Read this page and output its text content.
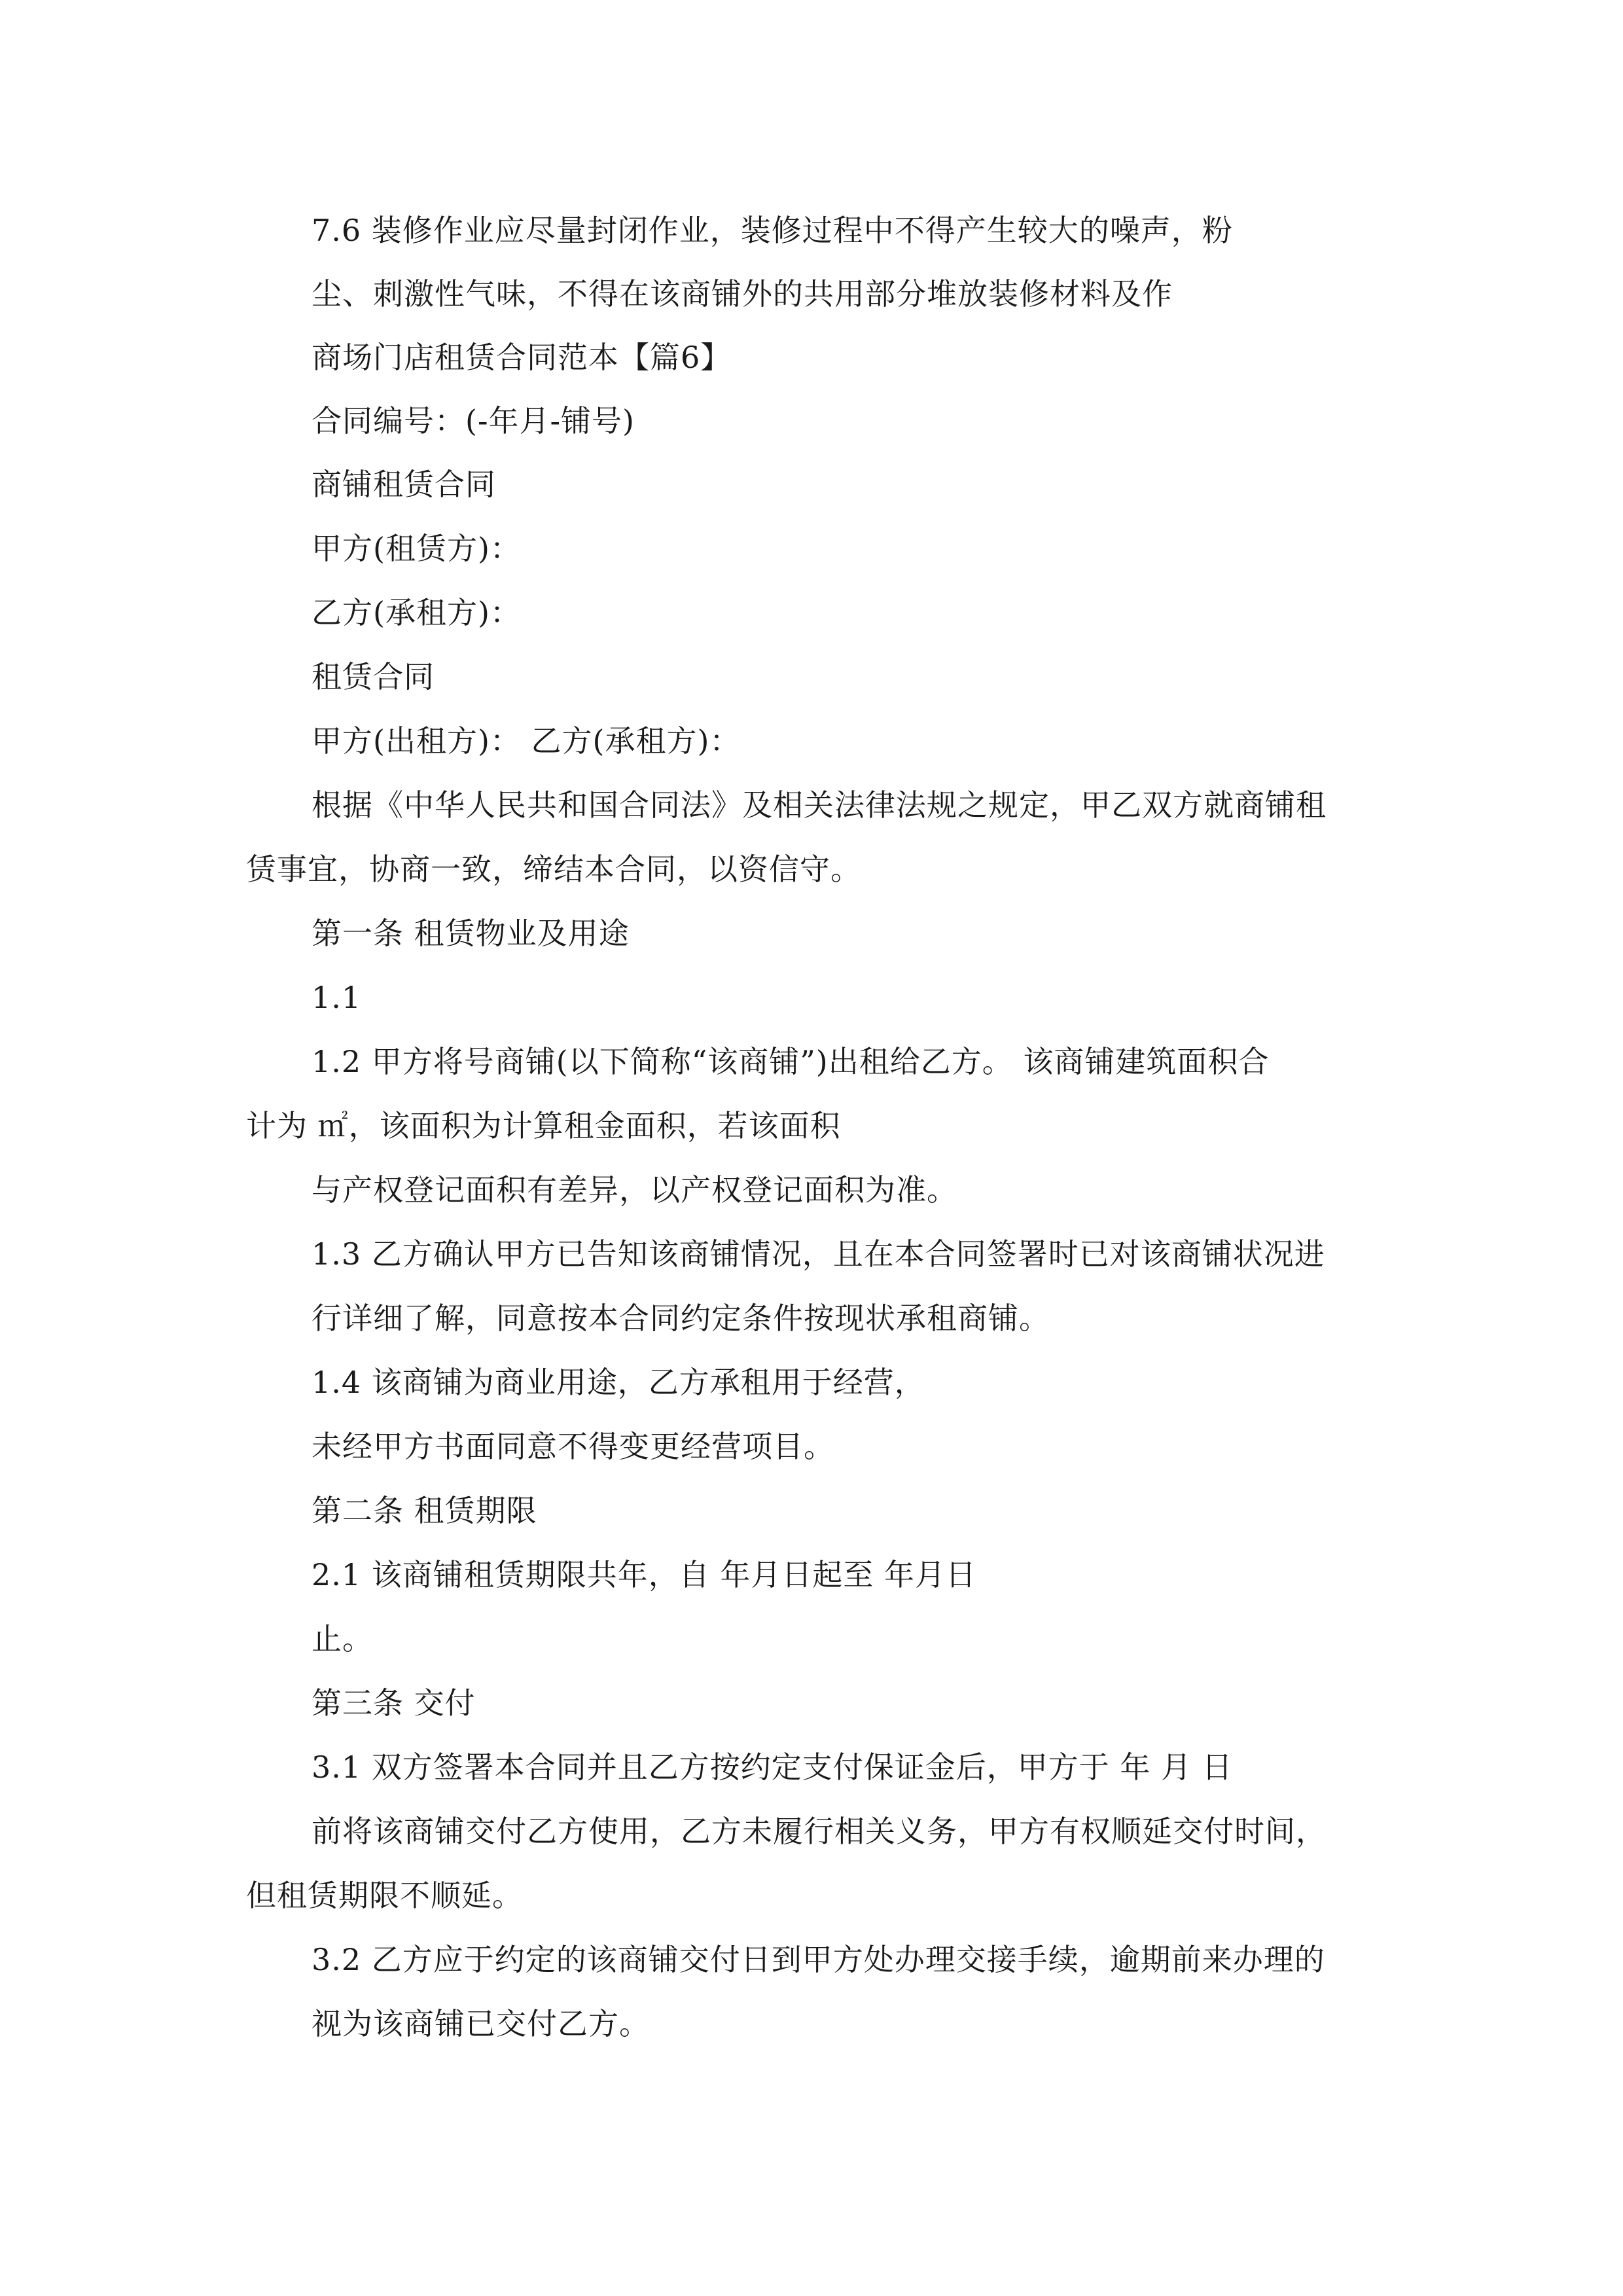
7.6 装修作业应尽量封闭作业，装修过程中不得产生较大的噪声，粉
尘、刺激性气味，不得在该商铺外的共用部分堆放装修材料及作
商场门店租赁合同范本【篇6】
合同编号：(-年月-铺号)
商铺租赁合同
甲方(租赁方)：
乙方(承租方)：
租赁合同
甲方(出租方)： 乙方(承租方)：
根据《中华人民共和国合同法》及相关法律法规之规定，甲乙双方就商铺租
赁事宜，协商一致，缔结本合同，以资信守。
第一条 租赁物业及用途
1.1
1.2 甲方将号商铺(以下简称“该商铺”)出租给乙方。 该商铺建筑面积合
计为 ㎡，该面积为计算租金面积，若该面积
与产权登记面积有差异，以产权登记面积为准。
1.3 乙方确认甲方已告知该商铺情况，且在本合同签署时已对该商铺状况进
行详细了解，同意按本合同约定条件按现状承租商铺。
1.4 该商铺为商业用途，乙方承租用于经营，
未经甲方书面同意不得变更经营项目。
第二条 租赁期限
2.1 该商铺租赁期限共年，自 年月日起至 年月日
止。
第三条 交付
3.1 双方签署本合同并且乙方按约定支付保证金后，甲方于 年 月 日
前将该商铺交付乙方使用，乙方未履行相关义务，甲方有权顺延交付时间，
但租赁期限不顺延。
3.2 乙方应于约定的该商铺交付日到甲方处办理交接手续，逾期前来办理的
视为该商铺已交付乙方。
